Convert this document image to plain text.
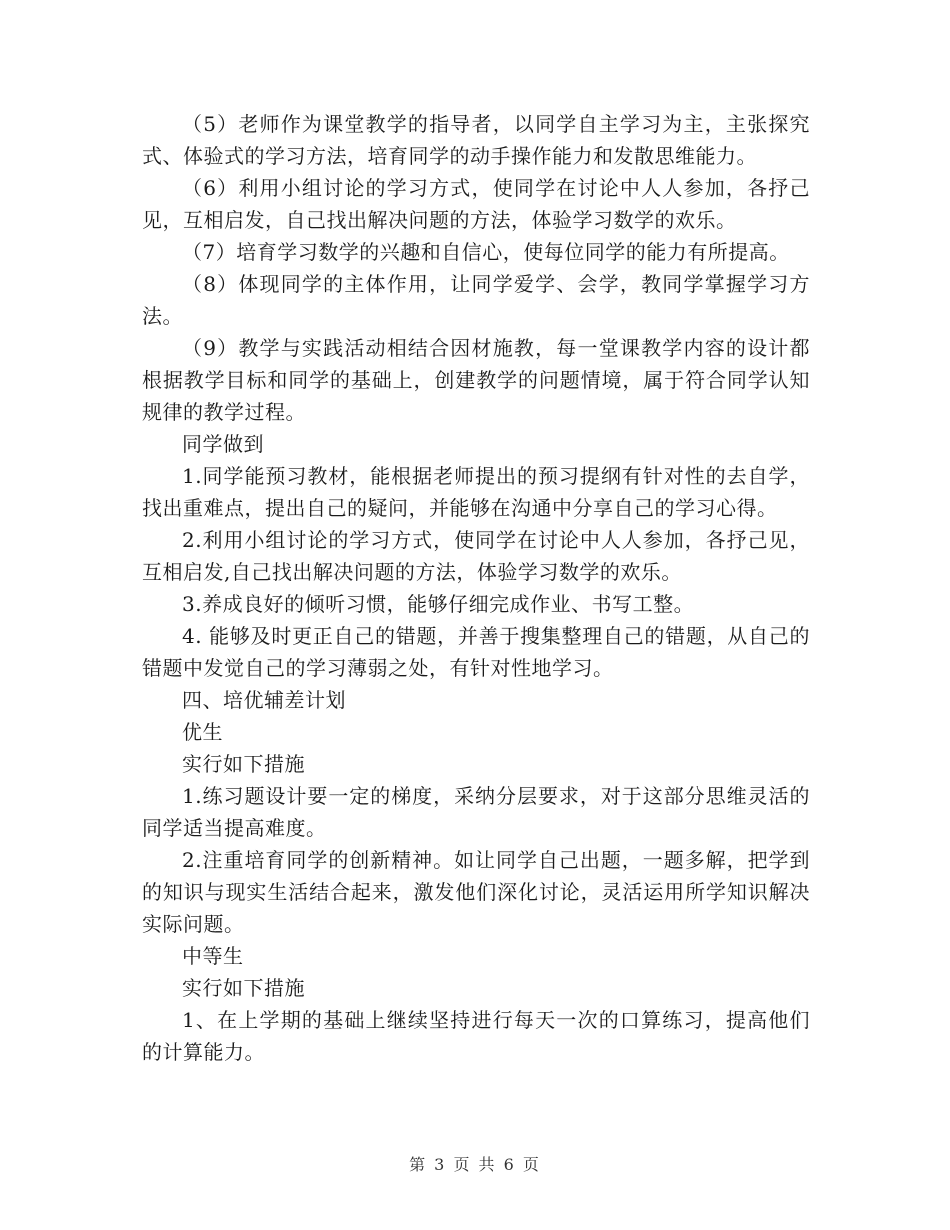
（5）老师作为课堂教学的指导者，以同学自主学习为主，主张探究式、体验式的学习方法，培育同学的动手操作能力和发散思维能力。

（6）利用小组讨论的学习方式，使同学在讨论中人人参加，各抒己见，互相启发，自己找出解决问题的方法，体验学习数学的欢乐。

（7）培育学习数学的兴趣和自信心，使每位同学的能力有所提高。

（8）体现同学的主体作用，让同学爱学、会学，教同学掌握学习方法。

（9）教学与实践活动相结合因材施教，每一堂课教学内容的设计都根据教学目标和同学的基础上，创建教学的问题情境，属于符合同学认知规律的教学过程。

同学做到

1.同学能预习教材，能根据老师提出的预习提纲有针对性的去自学，找出重难点，提出自己的疑问，并能够在沟通中分享自己的学习心得。

2.利用小组讨论的学习方式，使同学在讨论中人人参加，各抒己见，互相启发,自己找出解决问题的方法，体验学习数学的欢乐。

3.养成良好的倾听习惯，能够仔细完成作业、书写工整。

4. 能够及时更正自己的错题，并善于搜集整理自己的错题，从自己的错题中发觉自己的学习薄弱之处，有针对性地学习。

四、培优辅差计划

优生

实行如下措施

1.练习题设计要一定的梯度，采纳分层要求，对于这部分思维灵活的同学适当提高难度。

2.注重培育同学的创新精神。如让同学自己出题，一题多解，把学到的知识与现实生活结合起来，激发他们深化讨论，灵活运用所学知识解决实际问题。

中等生

实行如下措施

1、在上学期的基础上继续坚持进行每天一次的口算练习，提高他们的计算能力。

第 3 页 共 6 页
